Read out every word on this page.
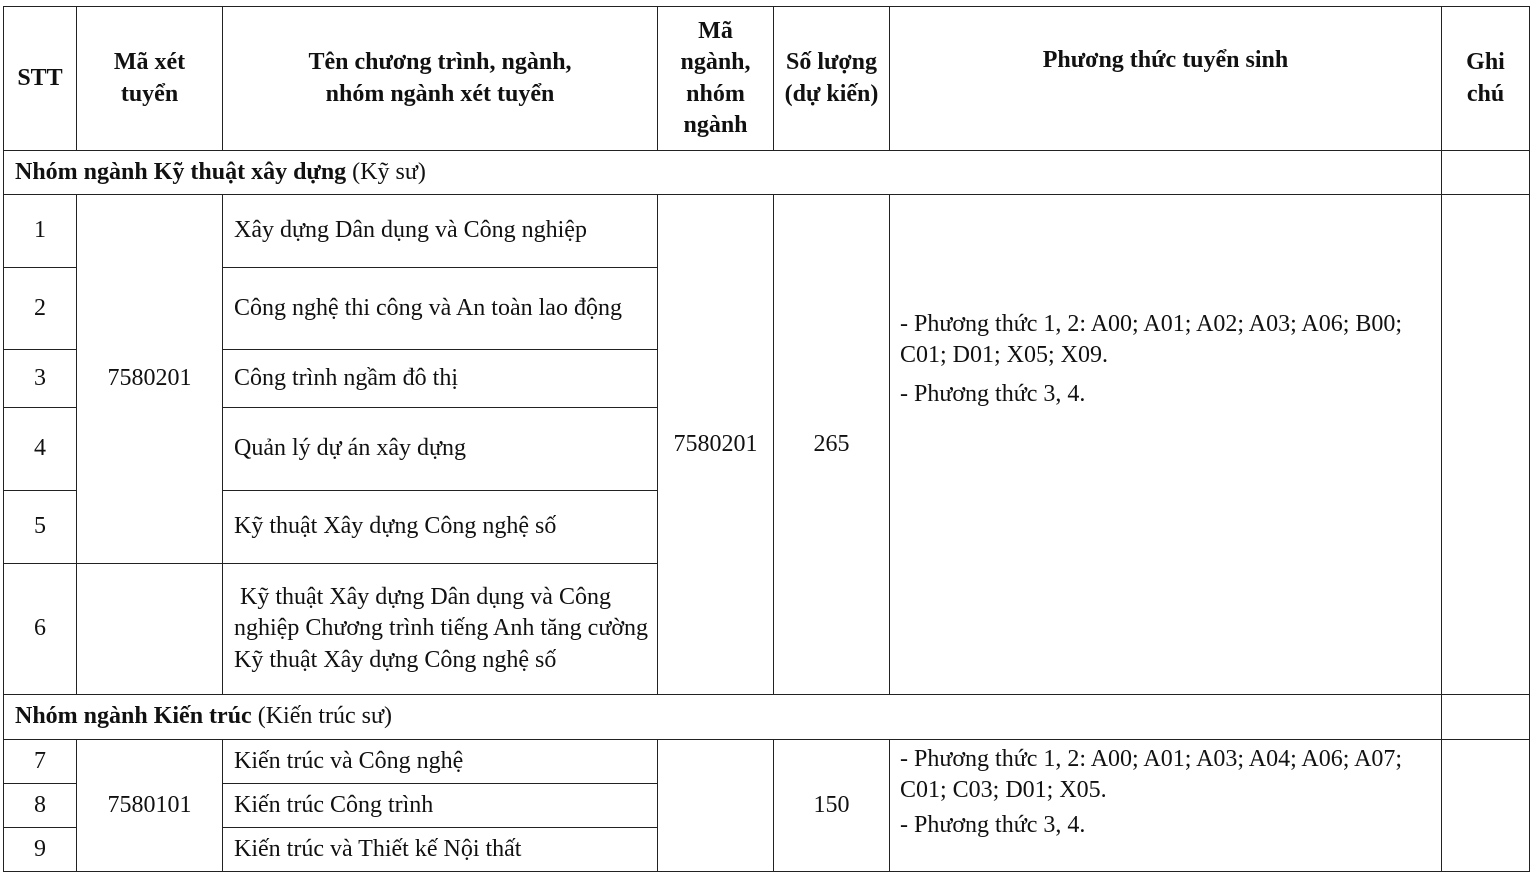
STT	Mã xét tuyển	Tên chương trình, ngành, nhóm ngành xét tuyển	Mã ngành, nhóm ngành	Số lượng (dự kiến)	Phương thức tuyển sinh	Ghi chú
Nhóm ngành Kỹ thuật xây dựng (Kỹ sư)						
1	7580201	Xây dựng Dân dụng và Công nghiệp	7580201	265	- Phương thức 1, 2: A00; A01; A02; A03; A06; B00; C01; D01; X05; X09.

- Phương thức 3, 4.	

2		Công nghệ thi công và An toàn lao động				
3		Công trình ngầm đô thị				
4		Quản lý dự án xây dựng				
5		Kỹ thuật Xây dựng Công nghệ số				
6		Kỹ thuật Xây dựng Dân dụng và Công nghiệp Chương trình tiếng Anh tăng cường Kỹ thuật Xây dựng Công nghệ số				
Nhóm ngành Kiến trúc (Kiến trúc sư)						
7	7580101	Kiến trúc và Công nghệ		150	- Phương thức 1, 2: A00; A01; A03; A04; A06; A07; C01; C03; D01; X05.

- Phương thức 3, 4.	

8		Kiến trúc Công trình				
9		Kiến trúc và Thiết kế Nội thất				
